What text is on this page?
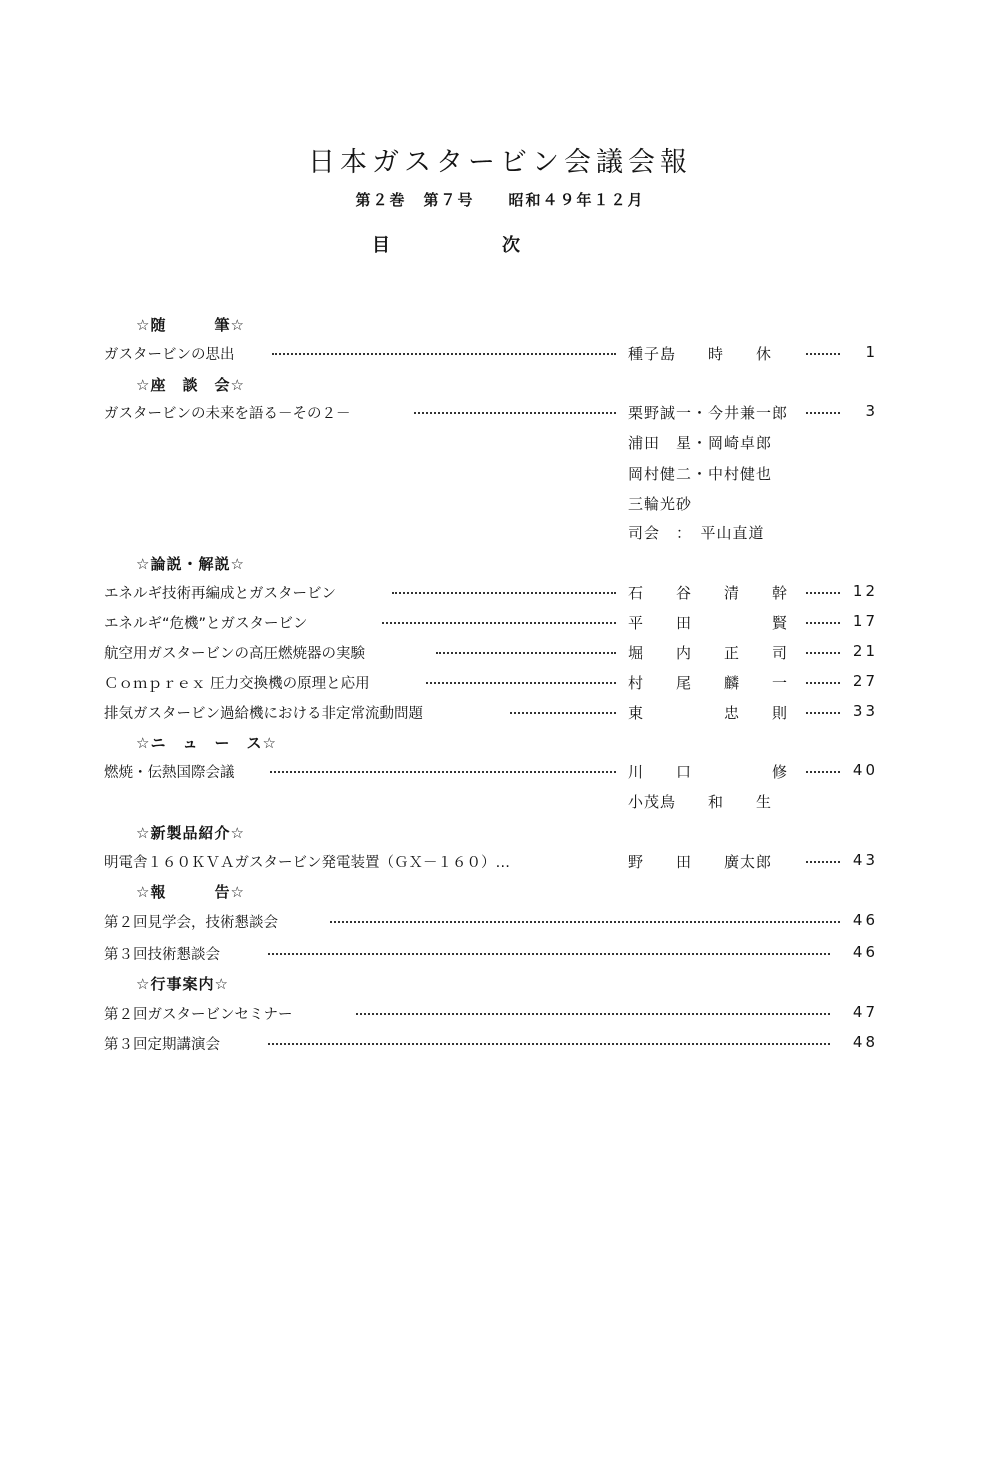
日本ガスタービン会議会報
第２巻　第７号　　昭和４９年１２月
目	次
☆随　　　筆☆
ガスタービンの思出	種子島　　時　　休	1
☆座　談　会☆
ガスタービンの未来を語る－その２－	栗野誠一・今井兼一郎	3
浦田　星・岡崎卓郎
岡村健二・中村健也
三輪光砂
司会　：　平山直道
☆論説・解説☆
エネルギ技術再編成とガスタービン	石　　谷　　清　　幹	12
エネルギ“危機”とガスタービン	平　　田　　　　　賢	17
航空用ガスタービンの高圧燃焼器の実験	堀　　内　　正　　司	21
Ｃｏｍｐｒｅｘ 圧力交換機の原理と応用	村　　尾　　麟　　一	27
排気ガスタービン過給機における非定常流動問題	東　　　　　忠　　則	33
☆ニ　ュ　ー　ス☆
燃焼・伝熱国際会議	川　　口　　　　　修	40
小茂鳥　　和　　生
☆新製品紹介☆
明電舎１６０ＫＶＡガスタービン発電装置（ＧＸ－１６０）…	野　　田　　廣太郎	43
☆報　　　告☆
第２回見学会，技術懇談会	46
第３回技術懇談会	46
☆行事案内☆
第２回ガスタービンセミナー	47
第３回定期講演会	48
